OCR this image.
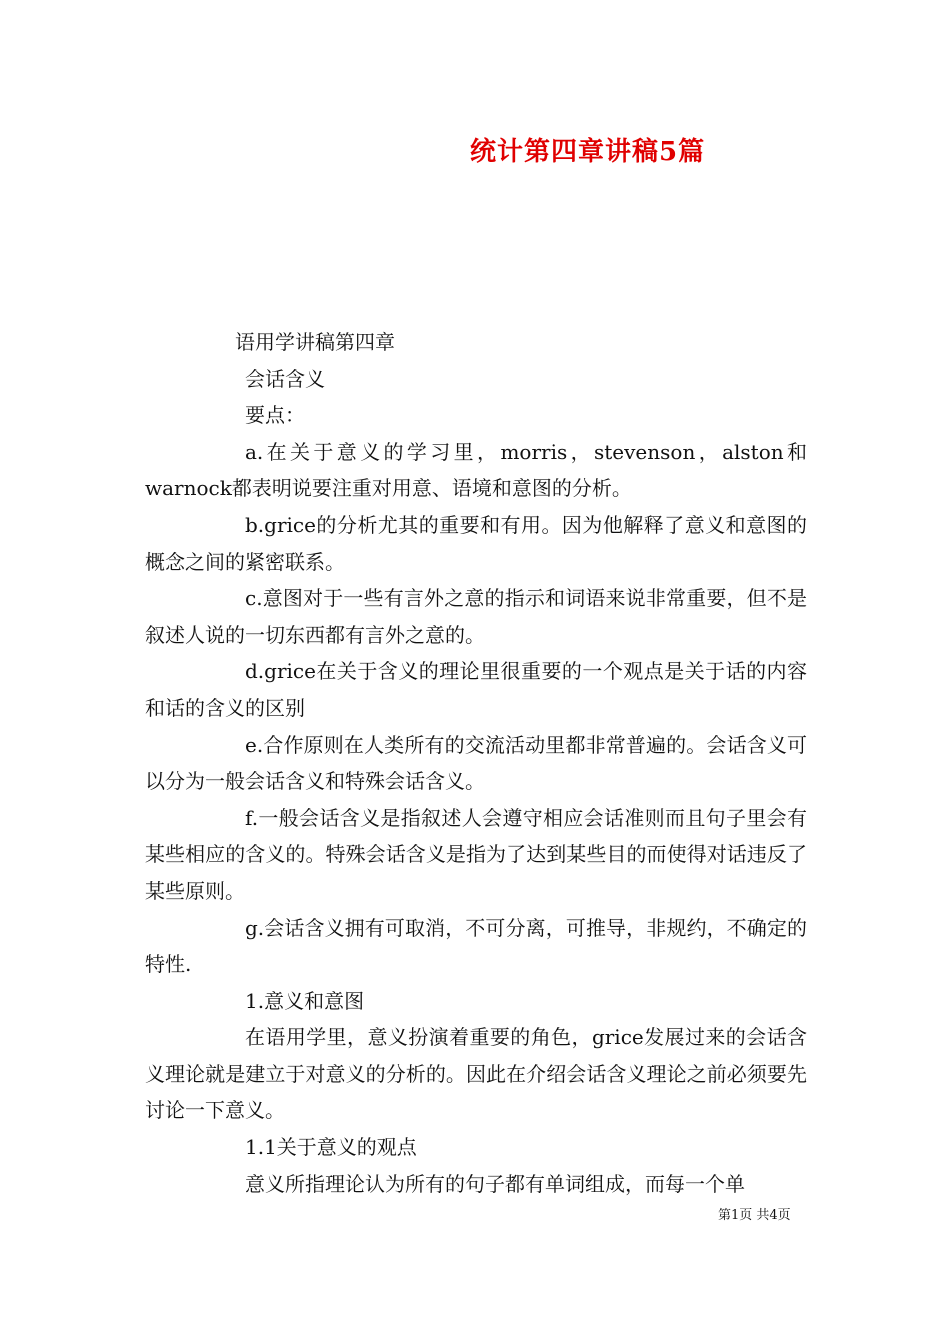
统计第四章讲稿5篇

语用学讲稿第四章

会话含义

要点：

a.在关于意义的学习里，morris，stevenson，alston和warnock都表明说要注重对用意、语境和意图的分析。

b.grice的分析尤其的重要和有用。因为他解释了意义和意图的概念之间的紧密联系。

c.意图对于一些有言外之意的指示和词语来说非常重要，但不是叙述人说的一切东西都有言外之意的。

d.grice在关于含义的理论里很重要的一个观点是关于话的内容和话的含义的区别

e.合作原则在人类所有的交流活动里都非常普遍的。会话含义可以分为一般会话含义和特殊会话含义。

f.一般会话含义是指叙述人会遵守相应会话准则而且句子里会有某些相应的含义的。特殊会话含义是指为了达到某些目的而使得对话违反了某些原则。

g.会话含义拥有可取消，不可分离，可推导，非规约，不确定的特性.

1.意义和意图

在语用学里，意义扮演着重要的角色，grice发展过来的会话含义理论就是建立于对意义的分析的。因此在介绍会话含义理论之前必须要先讨论一下意义。

1.1关于意义的观点

意义所指理论认为所有的句子都有单词组成，而每一个单

第1页 共4页
